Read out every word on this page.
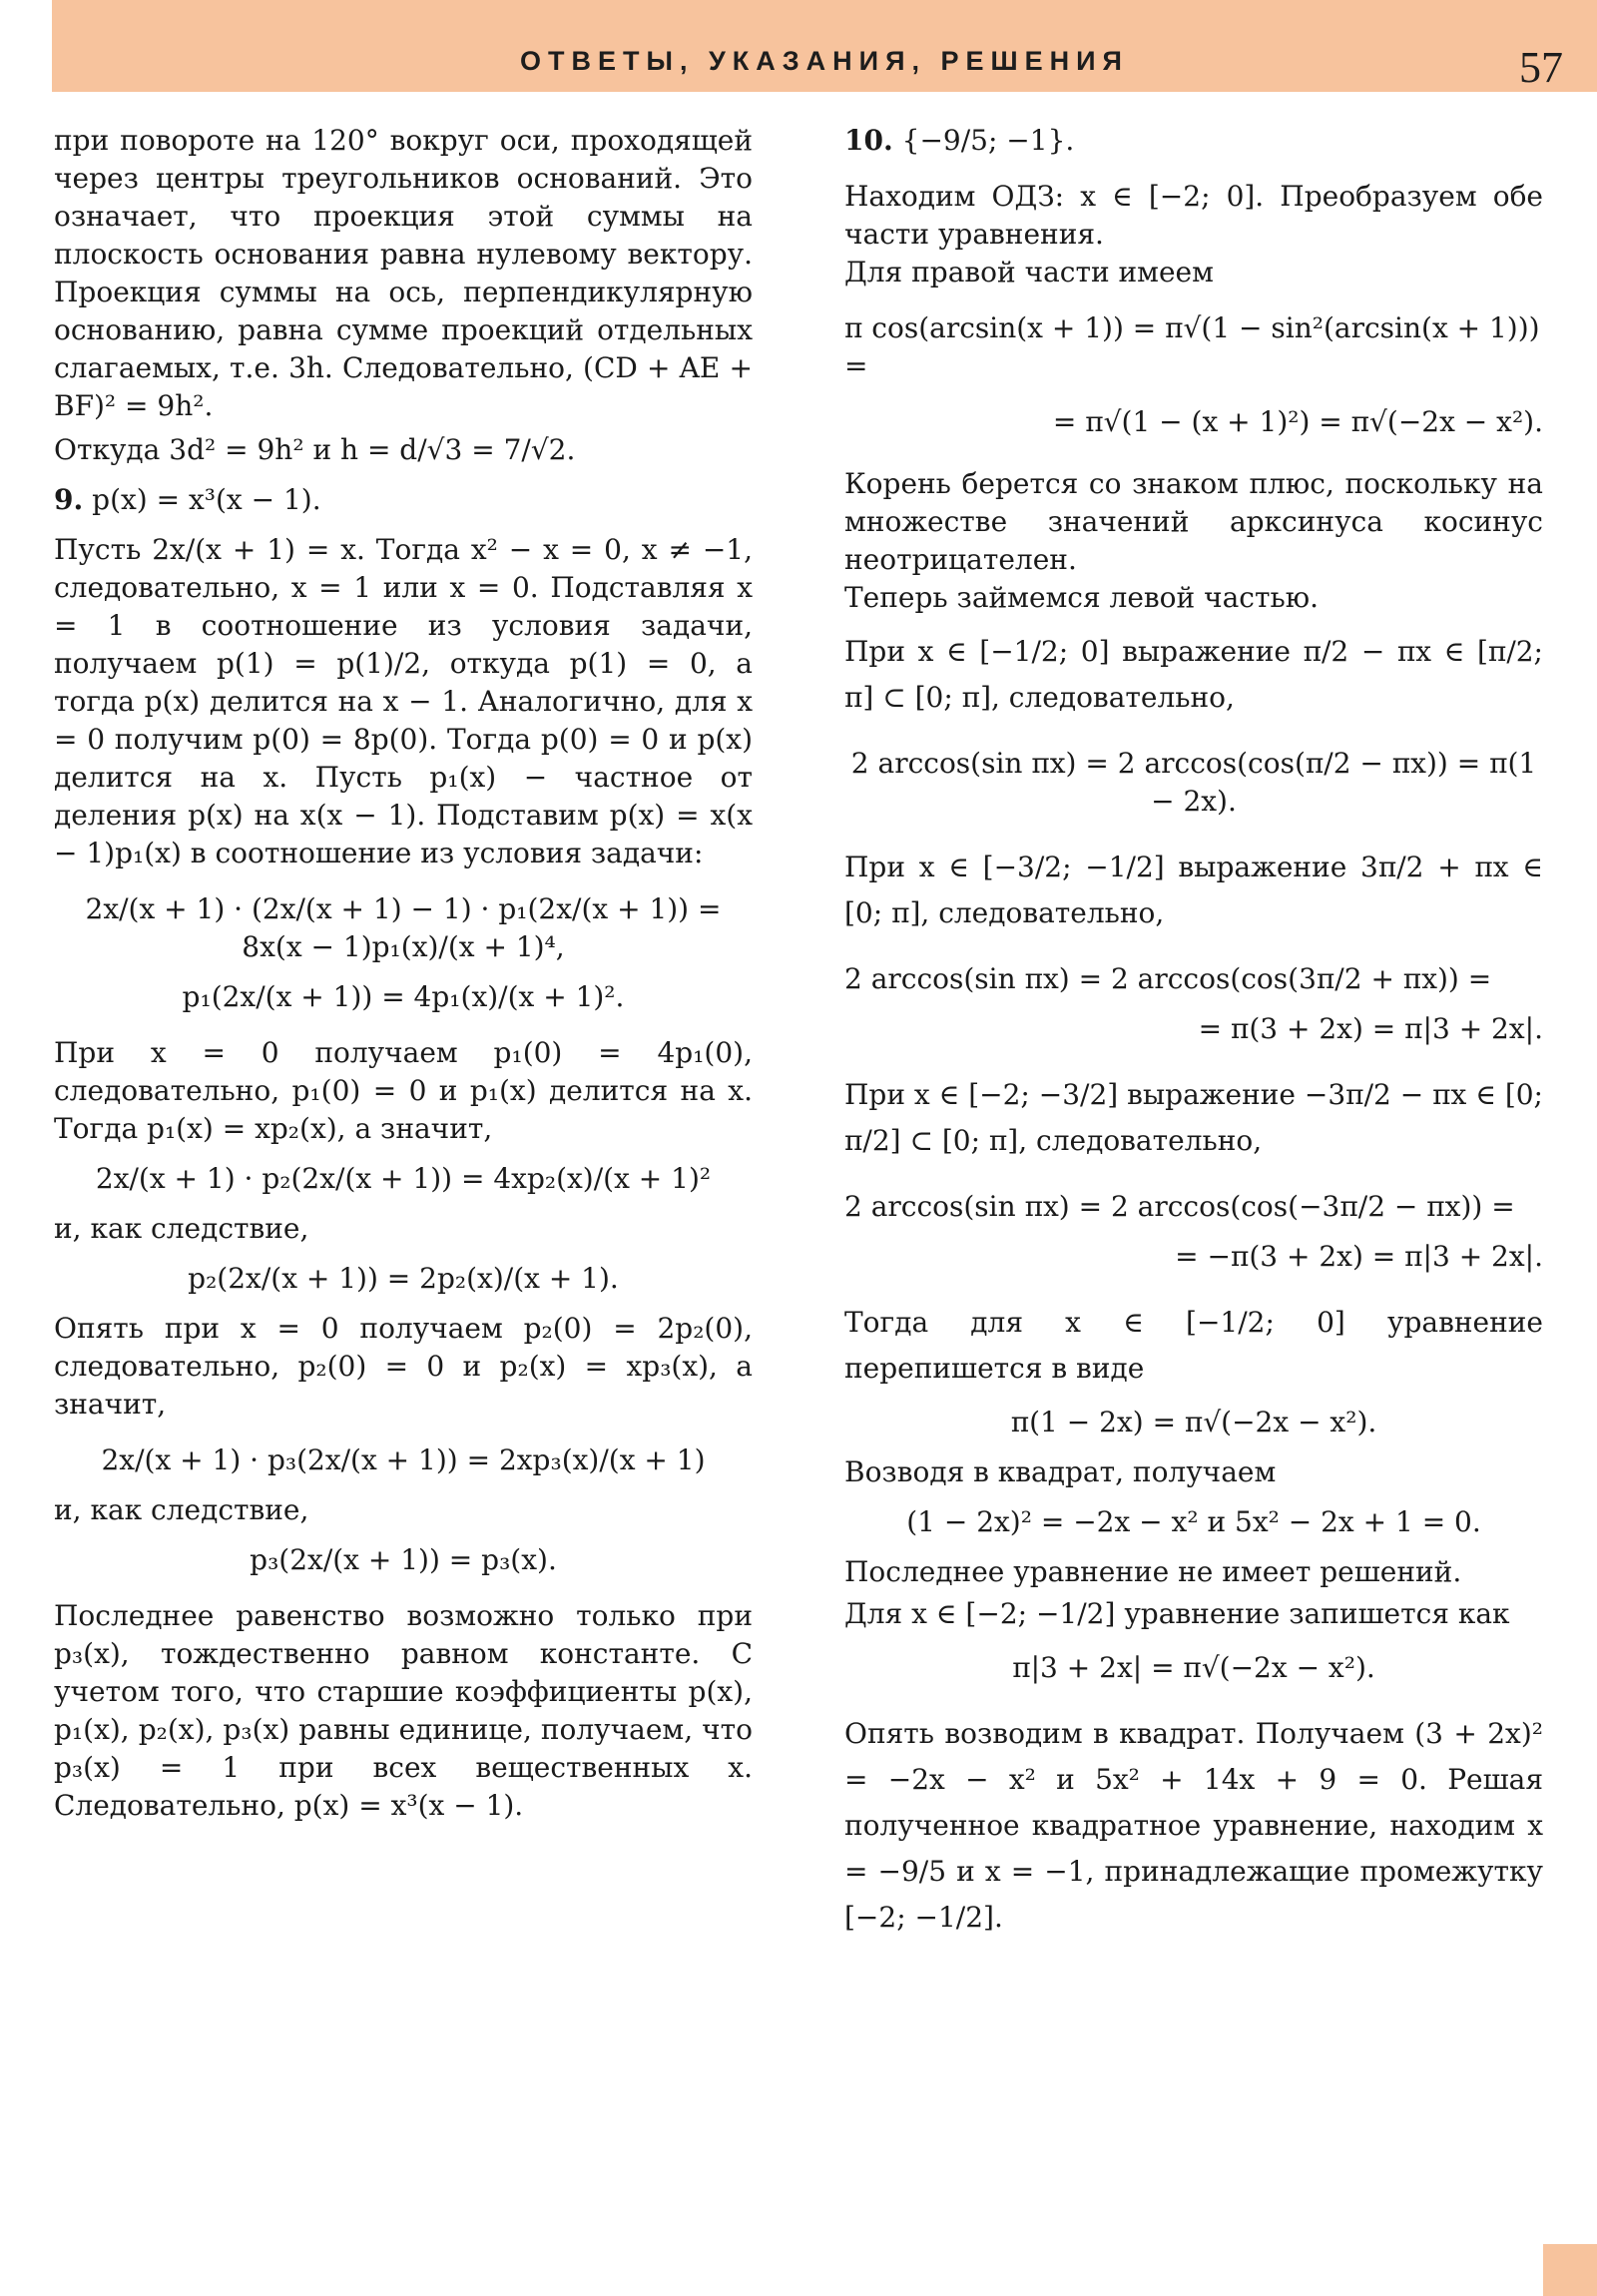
ОТВЕТЫ, УКАЗАНИЯ, РЕШЕНИЯ	57

при повороте на 120° вокруг оси, проходящей через центры треугольников оснований. Это означает, что проекция этой суммы на плоскость основания равна нулевому вектору. Проекция суммы на ось, перпендикулярную основанию, равна сумме проекций отдельных слагаемых, т.е. 3h. Следовательно, (CD + AE + BF)² = 9h².

Откуда 3d² = 9h² и h = d/√3 = 7/√2.

9. p(x) = x³(x − 1).

Пусть 2x/(x + 1) = x. Тогда x² − x = 0, x ≠ −1, следовательно, x = 1 или x = 0. Подставляя x = 1 в соотношение из условия задачи, получаем p(1) = p(1)/2, откуда p(1) = 0, а тогда p(x) делится на x − 1. Аналогично, для x = 0 получим p(0) = 8p(0). Тогда p(0) = 0 и p(x) делится на x. Пусть p₁(x) − частное от деления p(x) на x(x − 1). Подставим p(x) = x(x − 1)p₁(x) в соотношение из условия задачи:

2x/(x + 1) · (2x/(x + 1) − 1) · p₁(2x/(x + 1)) = 8x(x − 1)p₁(x)/(x + 1)⁴,

p₁(2x/(x + 1)) = 4p₁(x)/(x + 1)².

При x = 0 получаем p₁(0) = 4p₁(0), следовательно, p₁(0) = 0 и p₁(x) делится на x. Тогда p₁(x) = xp₂(x), а значит,

2x/(x + 1) · p₂(2x/(x + 1)) = 4xp₂(x)/(x + 1)²

и, как следствие,

p₂(2x/(x + 1)) = 2p₂(x)/(x + 1).

Опять при x = 0 получаем p₂(0) = 2p₂(0), следовательно, p₂(0) = 0 и p₂(x) = xp₃(x), а значит,

2x/(x + 1) · p₃(2x/(x + 1)) = 2xp₃(x)/(x + 1)

и, как следствие,

p₃(2x/(x + 1)) = p₃(x).

Последнее равенство возможно только при p₃(x), тождественно равном константе. С учетом того, что старшие коэффициенты p(x), p₁(x), p₂(x), p₃(x) равны единице, получаем, что p₃(x) = 1 при всех вещественных x. Следовательно, p(x) = x³(x − 1).

10. {−9/5; −1}.

Находим ОДЗ: x ∈ [−2; 0]. Преобразуем обе части уравнения.

Для правой части имеем

π cos(arcsin(x + 1)) = π√(1 − sin²(arcsin(x + 1))) =

= π√(1 − (x + 1)²) = π√(−2x − x²).

Корень берется со знаком плюс, поскольку на множестве значений арксинуса косинус неотрицателен.

Теперь займемся левой частью.

При x ∈ [−1/2; 0] выражение π/2 − πx ∈ [π/2; π] ⊂ [0; π], следовательно,

2 arccos(sin πx) = 2 arccos(cos(π/2 − πx)) = π(1 − 2x).

При x ∈ [−3/2; −1/2] выражение 3π/2 + πx ∈ [0; π], следовательно,

2 arccos(sin πx) = 2 arccos(cos(3π/2 + πx)) =

= π(3 + 2x) = π|3 + 2x|.

При x ∈ [−2; −3/2] выражение −3π/2 − πx ∈ [0; π/2] ⊂ [0; π], следовательно,

2 arccos(sin πx) = 2 arccos(cos(−3π/2 − πx)) =

= −π(3 + 2x) = π|3 + 2x|.

Тогда для x ∈ [−1/2; 0] уравнение перепишется в виде

π(1 − 2x) = π√(−2x − x²).

Возводя в квадрат, получаем

(1 − 2x)² = −2x − x² и 5x² − 2x + 1 = 0.

Последнее уравнение не имеет решений.

Для x ∈ [−2; −1/2] уравнение запишется как

π|3 + 2x| = π√(−2x − x²).

Опять возводим в квадрат. Получаем (3 + 2x)² = −2x − x² и 5x² + 14x + 9 = 0. Решая полученное квадратное уравнение, находим x = −9/5 и x = −1, принадлежащие промежутку [−2; −1/2].
